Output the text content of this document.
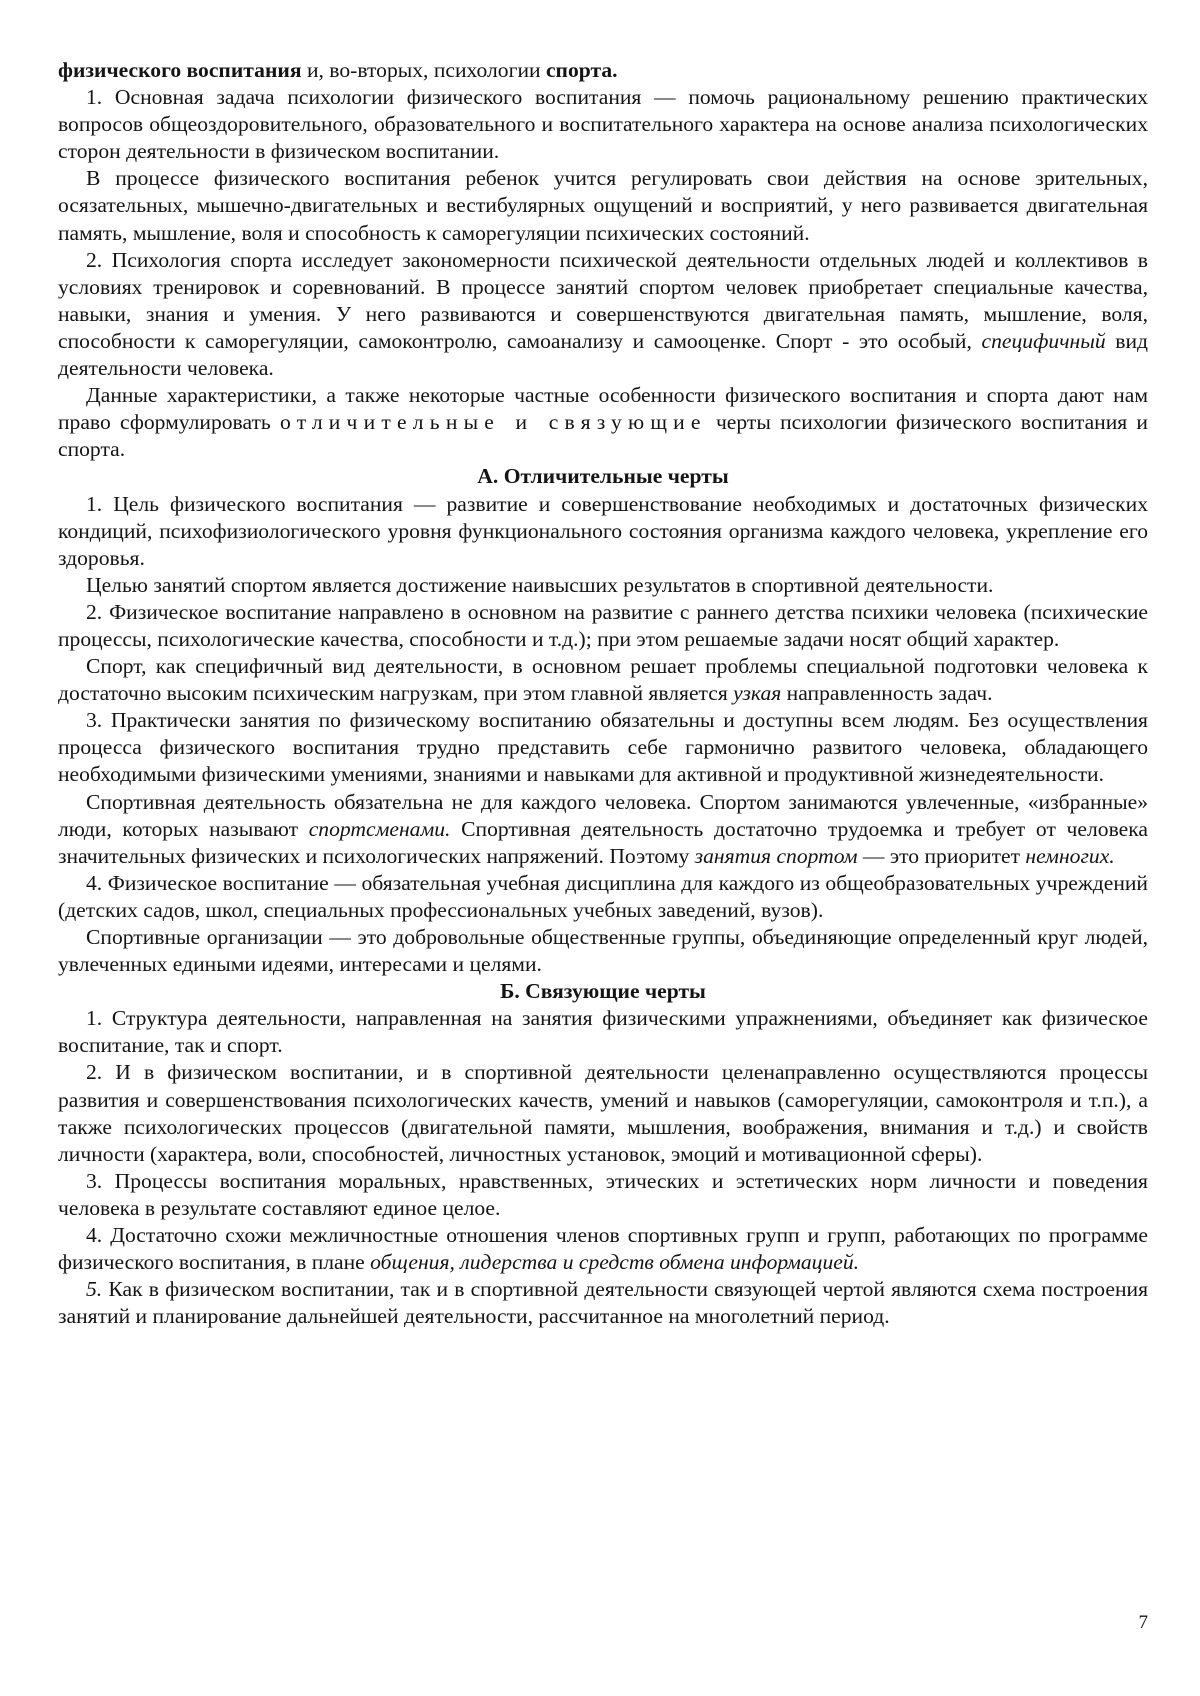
физического воспитания и, во-вторых, психологии спорта.

1. Основная задача психологии физического воспитания — помочь рациональному решению практических вопросов общеоздоровительного, образовательного и воспитательного характера на основе анализа психологических сторон деятельности в физическом воспитании.

В процессе физического воспитания ребенок учится регулировать свои действия на основе зрительных, осязательных, мышечно-двигательных и вестибулярных ощущений и восприятий, у него развивается двигательная память, мышление, воля и способность к саморегуляции психических состояний.

2. Психология спорта исследует закономерности психической деятельности отдельных людей и коллективов в условиях тренировок и соревнований. В процессе занятий спортом человек приобретает специальные качества, навыки, знания и умения. У него развиваются и совершенствуются двигательная память, мышление, воля, способности к саморегуляции, самоконтролю, самоанализу и самооценке. Спорт - это особый, специфичный вид деятельности человека.

Данные характеристики, а также некоторые частные особенности физического воспитания и спорта дают нам право сформулировать отличительные и связующие черты психологии физического воспитания и спорта.

А. Отличительные черты

1. Цель физического воспитания — развитие и совершенствование необходимых и достаточных физических кондиций, психофизиологического уровня функционального состояния организма каждого человека, укрепление его здоровья.

Целью занятий спортом является достижение наивысших результатов в спортивной деятельности.

2. Физическое воспитание направлено в основном на развитие с раннего детства психики человека (психические процессы, психологические качества, способности и т.д.); при этом решаемые задачи носят общий характер.

Спорт, как специфичный вид деятельности, в основном решает проблемы специальной подготовки человека к достаточно высоким психическим нагрузкам, при этом главной является узкая направленность задач.

3. Практически занятия по физическому воспитанию обязательны и доступны всем людям. Без осуществления процесса физического воспитания трудно представить себе гармонично развитого человека, обладающего необходимыми физическими умениями, знаниями и навыками для активной и продуктивной жизнедеятельности.

Спортивная деятельность обязательна не для каждого человека. Спортом занимаются увлеченные, «избранные» люди, которых называют спортсменами. Спортивная деятельность достаточно трудоемка и требует от человека значительных физических и психологических напряжений. Поэтому занятия спортом — это приоритет немногих.

4. Физическое воспитание — обязательная учебная дисциплина для каждого из общеобразовательных учреждений (детских садов, школ, специальных профессиональных учебных заведений, вузов).

Спортивные организации — это добровольные общественные группы, объединяющие определенный круг людей, увлеченных едиными идеями, интересами и целями.

Б. Связующие черты

1. Структура деятельности, направленная на занятия физическими упражнениями, объединяет как физическое воспитание, так и спорт.

2. И в физическом воспитании, и в спортивной деятельности целенаправленно осуществляются процессы развития и совершенствования психологических качеств, умений и навыков (саморегуляции, самоконтроля и т.п.), а также психологических процессов (двигательной памяти, мышления, воображения, внимания и т.д.) и свойств личности (характера, воли, способностей, личностных установок, эмоций и мотивационной сферы).

3. Процессы воспитания моральных, нравственных, этических и эстетических норм личности и поведения человека в результате составляют единое целое.

4. Достаточно схожи межличностные отношения членов спортивных групп и групп, работающих по программе физического воспитания, в плане общения, лидерства и средств обмена информацией.

5. Как в физическом воспитании, так и в спортивной деятельности связующей чертой являются схема построения занятий и планирование дальнейшей деятельности, рассчитанное на многолетний период.

7
